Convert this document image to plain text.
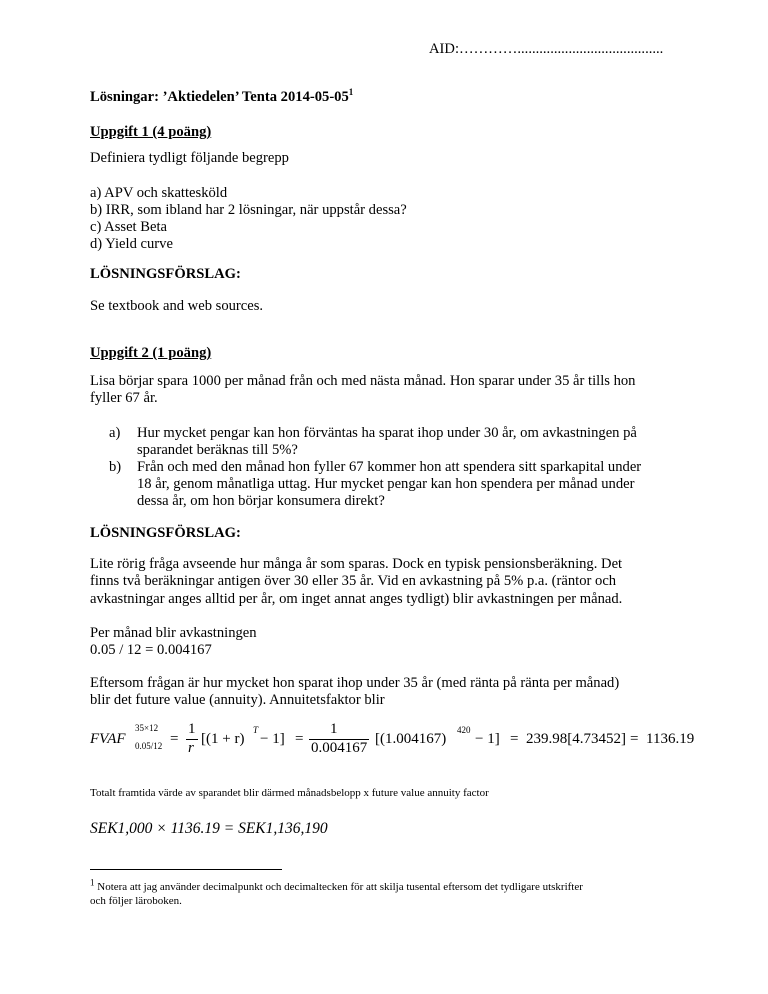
AID:…………........................................
Lösningar: ’Aktiedelen’ Tenta $2014-05-05^1$
Uppgift 1 (4 poäng)
Definiera tydligt följande begrepp
a) APV och skattesköld
b) IRR, som ibland har 2 lösningar, när uppstår dessa?
c) Asset Beta
d) Yield curve
LÖSNINGSFÖRSLAG:
Se textbook and web sources.
Uppgift 2 (1 poäng)
Lisa börjar spara 1000 per månad från och med nästa månad. Hon sparar under 35 år tills hon
fyller 67 år.
a) Hur mycket pengar kan hon förväntas ha sparat ihop under 30 år, om avkastningen på
sparandet beräknas till 5%?
b) Från och med den månad hon fyller 67 kommer hon att spendera sitt sparkapital under
18 år, genom månatliga uttag. Hur mycket pengar kan hon spendera per månad under
dessa år, om hon börjar konsumera direkt?
LÖSNINGSFÖRSLAG:
Lite rörig fråga avseende hur många år som sparas. Dock en typisk pensionsberäkning. Det
finns två beräkningar antigen över 30 eller 35 år. Vid en avkastning på 5% p.a. (räntor och
avkastningar anges alltid per år, om inget annat anges tydligt) blir avkastningen per månad.
Per månad blir avkastningen
0.05 / 12 = 0.004167
Eftersom frågan är hur mycket hon sparat ihop under 35 år (med ränta på ränta per månad)
blir det future value (annuity). Annuitetsfaktor blir
FVAF
35×12
0.05/12 =
1
r
[(1 + r)
T
− 1] =
1
0.004167
[(1.004167)
420
− 1] = 239.98[4.73452] = 1136.19
Totalt framtida värde av sparandet blir därmed månadsbelopp x future value annuity factor
SEK1,000 × 1136.19 = SEK1,136,190
$^1$ Notera att jag använder decimalpunkt och decimaltecken för att skilja tusental eftersom det tydligare utskrifter
och följer läroboken.
